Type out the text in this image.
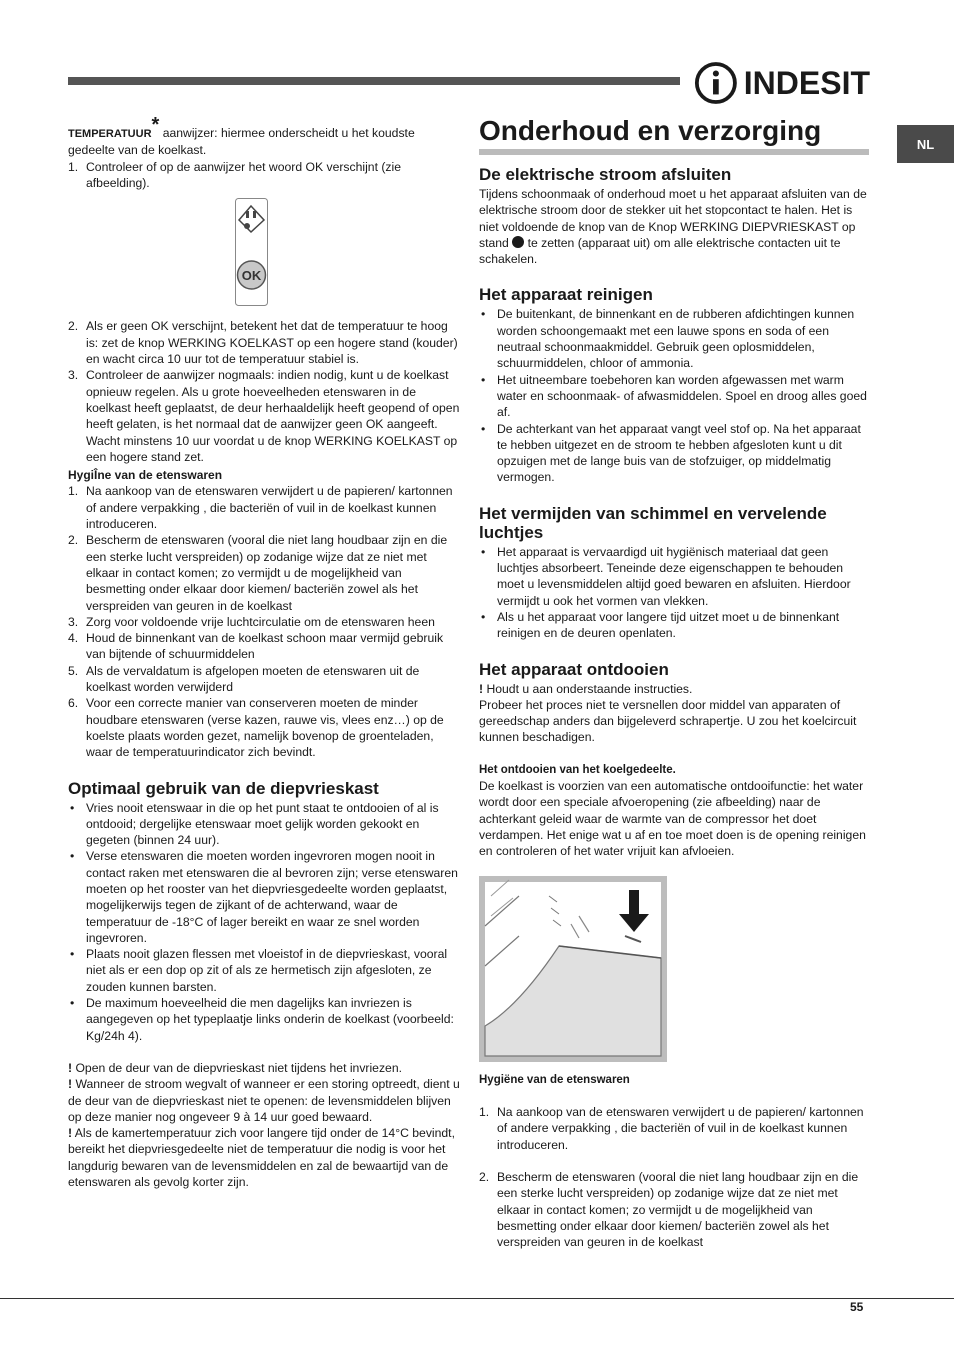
INDESIT
NL

TEMPERATUUR* aanwijzer: hiermee onderscheidt u het koudste gedeelte van de koelkast.

1. Controleer of op de aanwijzer het woord OK verschijnt (zie afbeelding).
OK
2. Als er geen OK verschijnt, betekent het dat de temperatuur te hoog is: zet de knop WERKING KOELKAST op een hogere stand (kouder) en wacht circa 10 uur tot de temperatuur stabiel is.
3. Controleer de aanwijzer nogmaals: indien nodig, kunt u de koelkast opnieuw regelen. Als u grote hoeveelheden etenswaren in de koelkast heeft geplaatst, de deur herhaaldelijk heeft geopend of open heeft gelaten, is het normaal dat de aanwijzer geen OK aangeeft. Wacht minstens 10 uur voordat u de knop WERKING KOELKAST op een hogere stand zet.

HygiÎne van de etenswaren

1. Na aankoop van de etenswaren verwijdert u de papieren/ kartonnen of andere verpakking , die bacteriën of vuil in de koelkast kunnen introduceren.
2. Bescherm de etenswaren (vooral die niet lang houdbaar zijn en die een sterke lucht verspreiden) op zodanige wijze dat ze niet met elkaar in contact komen; zo vermijdt u de mogelijkheid van besmetting onder elkaar door kiemen/ bacteriën zowel als het verspreiden van geuren in de koelkast
3. Zorg voor voldoende vrije luchtcirculatie om de etenswaren heen
4. Houd de binnenkant van de koelkast schoon maar vermijd gebruik van bijtende of schuurmiddelen
5. Als de vervaldatum is afgelopen moeten de etenswaren uit de koelkast worden verwijderd
6. Voor een correcte manier van conserveren moeten de minder houdbare etenswaren (verse kazen, rauwe vis, vlees enz…) op de koelste plaats worden gezet, namelijk bovenop de groenteladen, waar de temperatuurindicator zich bevindt.
Optimaal gebruik van de diepvrieskast
• Vries nooit etenswaar in die op het punt staat te ontdooien of al is ontdooid; dergelijke etenswaar moet gelijk worden gekookt en gegeten (binnen 24 uur).
• Verse etenswaren die moeten worden ingevroren mogen nooit in contact raken met etenswaren die al bevroren zijn; verse etenswaren moeten op het rooster van het diepvriesgedeelte worden geplaatst, mogelijkerwijs tegen de zijkant of de achterwand, waar de temperatuur de -18°C of lager bereikt en waar ze snel worden ingevroren.
• Plaats nooit glazen flessen met vloeistof in de diepvrieskast, vooral niet als er een dop op zit of als ze hermetisch zijn afgesloten, ze zouden kunnen barsten.
• De maximum hoeveelheid die men dagelijks kan invriezen is aangegeven op het typeplaatje links onderin de koelkast (voorbeeld: Kg/24h 4).

! Open de deur van de diepvrieskast niet tijdens het invriezen.

! Wanneer de stroom wegvalt of wanneer er een storing optreedt, dient u de deur van de diepvrieskast niet te openen: de levensmiddelen blijven op deze manier nog ongeveer 9 à 14 uur goed bewaard.

! Als de kamertemperatuur zich voor langere tijd onder de 14°C bevindt, bereikt het diepvriesgedeelte niet de temperatuur die nodig is voor het langdurig bewaren van de levensmiddelen en zal de bewaartijd van de etenswaren als gevolg korter zijn.

Onderhoud en verzorging
De elektrische stroom afsluiten

Tijdens schoonmaak of onderhoud moet u het apparaat afsluiten van de elektrische stroom door de stekker uit het stopcontact te halen. Het is niet voldoende de knop van de Knop WERKING DIEPVRIESKAST op stand  te zetten (apparaat uit) om alle elektrische contacten uit te schakelen.

Het apparaat reinigen
• De buitenkant, de binnenkant en de rubberen afdichtingen kunnen worden schoongemaakt met een lauwe spons en soda of een neutraal schoonmaakmiddel. Gebruik geen oplosmiddelen, schuurmiddelen, chloor of ammonia.
• Het uitneembare toebehoren kan worden afgewassen met warm water en schoonmaak- of afwasmiddelen. Spoel en droog alles goed af.
• De achterkant van het apparaat vangt veel stof op. Na het apparaat te hebben uitgezet en de stroom te hebben afgesloten kunt u dit opzuigen met de lange buis van de stofzuiger, op middelmatig vermogen.
Het vermijden van schimmel en vervelende luchtjes
• Het apparaat is vervaardigd uit hygiënisch materiaal dat geen luchtjes absorbeert. Teneinde deze eigenschappen te behouden moet u levensmiddelen altijd goed bewaren en afsluiten. Hierdoor vermijdt u ook het vormen van vlekken.
• Als u het apparaat voor langere tijd uitzet moet u de binnenkant reinigen en de deuren openlaten.
Het apparaat ontdooien

! Houdt u aan onderstaande instructies.

Probeer het proces niet te versnellen door middel van apparaten of gereedschap anders dan bijgeleverd schrapertje. U zou het koelcircuit kunnen beschadigen.

Het ontdooien van het koelgedeelte.

De koelkast is voorzien van een automatische ontdooifunctie: het water wordt door een speciale afvoeropening (zie afbeelding) naar de achterkant geleid waar de warmte van de compressor het doet verdampen. Het enige wat u af en toe moet doen is de opening reinigen en controleren of het water vrijuit kan afvloeien.

Hygiëne van de etenswaren

1. Na aankoop van de etenswaren verwijdert u de papieren/ kartonnen of andere verpakking , die bacteriën of vuil in de koelkast kunnen introduceren.
2. Bescherm de etenswaren (vooral die niet lang houdbaar zijn en die een sterke lucht verspreiden) op zodanige wijze dat ze niet met elkaar in contact komen; zo vermijdt u de mogelijkheid van besmetting onder elkaar door kiemen/ bacteriën zowel als het verspreiden van geuren in de koelkast
55
